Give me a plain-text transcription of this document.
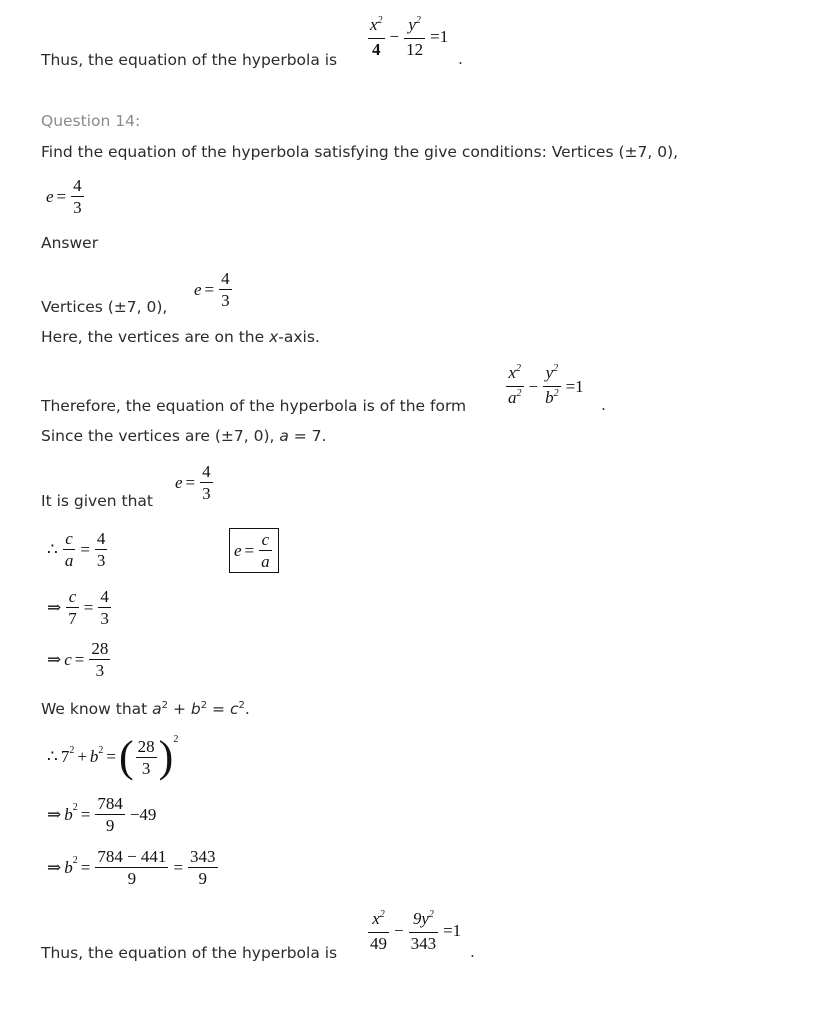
Thus, the equation of the hyperbola is $\frac{x^2}{4} - \frac{y^2}{12} =1$
.
Question 14:
Find the equation of the hyperbola satisfying the give conditions: Vertices (±7, 0),
$e = \frac{4}{3}$
Answer
Vertices (±7, 0),
$e = \frac{4}{3}$
Here, the vertices are on the x-axis.
Therefore, the equation of the hyperbola is of the form $\frac{x^2}{a^2} - \frac{y^2}{b^2} =1$
.
Since the vertices are (±7, 0), a = 7.
It is given that
$e = \frac{4}{3}$
∴ $\frac{c}{a} = \frac{4}{3}$	$e = \frac{c}{a}$
⇒ $\frac{c}{7} = \frac{4}{3}$
⇒ $c = \frac{28}{3}$
We know that $a^2 + b^2 = c^2$.
∴ 7 2 + b 2 = ( $\frac{28}{3}$ ) 2
⇒ b $2 = \frac{784}{9} -49$
⇒ b $2 = \frac{784 - 441}{9} = \frac{343}{9}$
Thus, the equation of the hyperbola is $\frac{x^2}{49} - \frac{9y^2}{343} =1$
.
